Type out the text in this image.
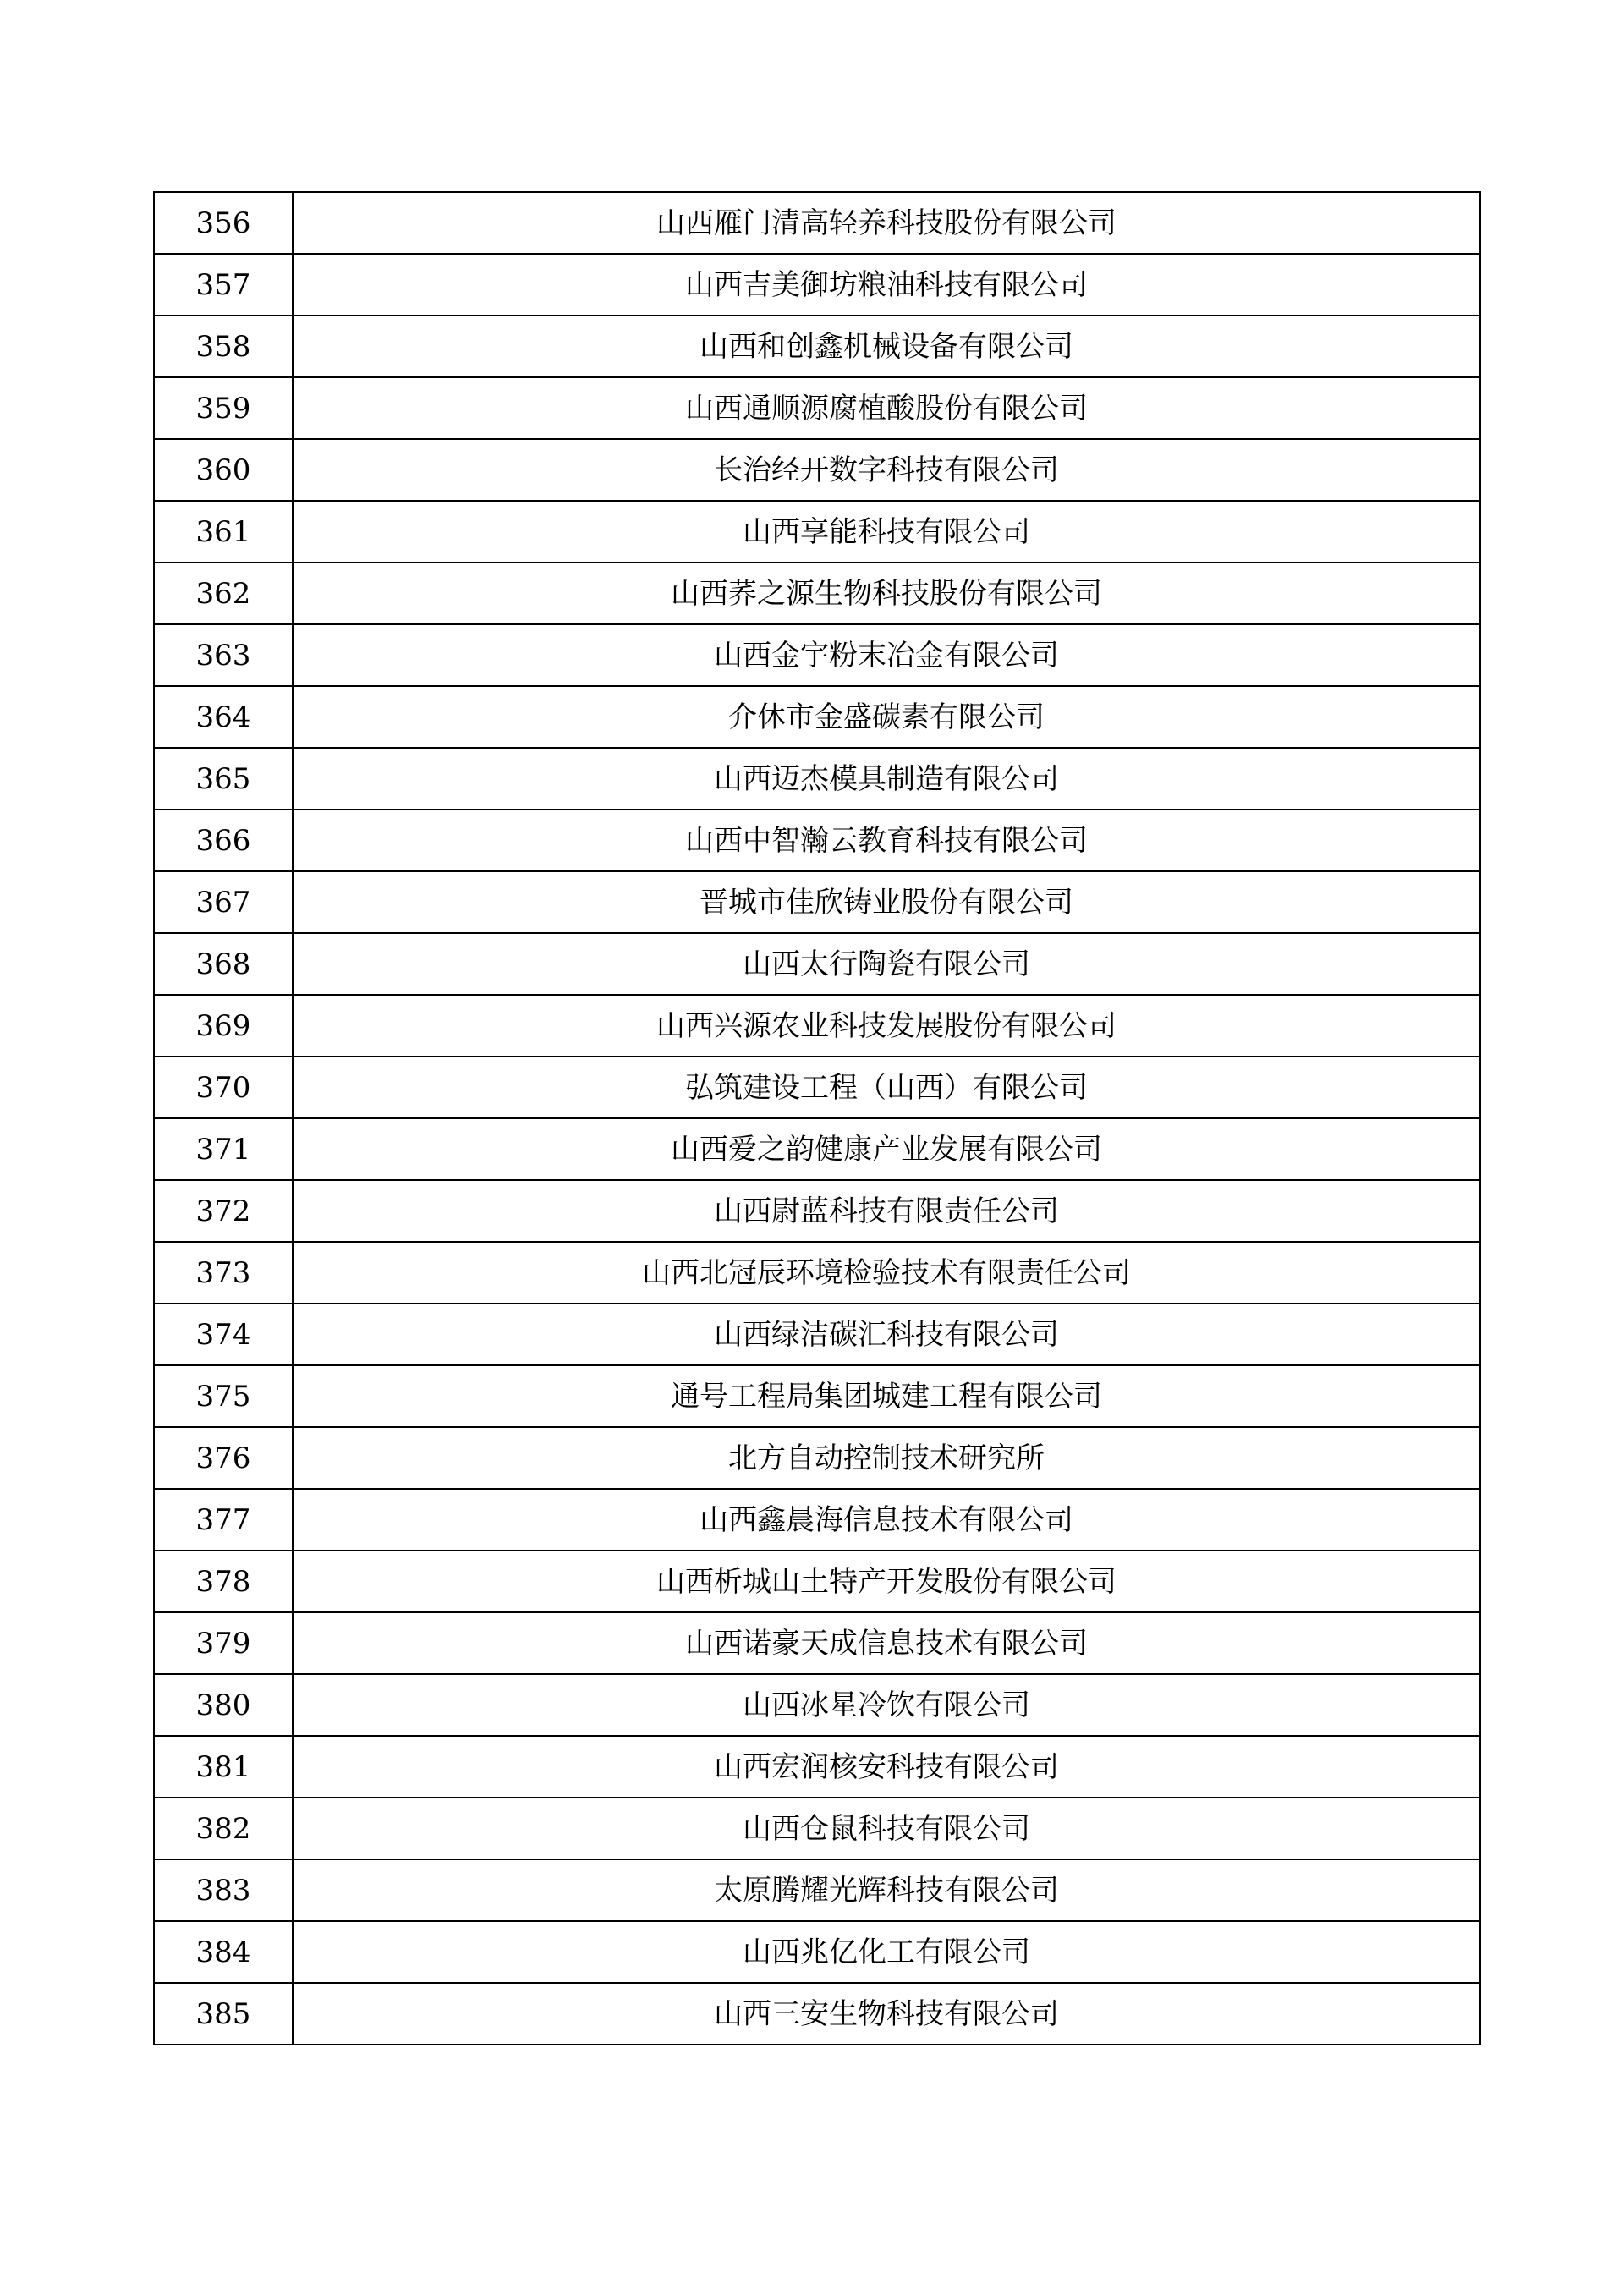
356	山西雁门清高轻养科技股份有限公司
357	山西吉美御坊粮油科技有限公司
358	山西和创鑫机械设备有限公司
359	山西通顺源腐植酸股份有限公司
360	长治经开数字科技有限公司
361	山西享能科技有限公司
362	山西荞之源生物科技股份有限公司
363	山西金宇粉末冶金有限公司
364	介休市金盛碳素有限公司
365	山西迈杰模具制造有限公司
366	山西中智瀚云教育科技有限公司
367	晋城市佳欣铸业股份有限公司
368	山西太行陶瓷有限公司
369	山西兴源农业科技发展股份有限公司
370	弘筑建设工程（山西）有限公司
371	山西爱之韵健康产业发展有限公司
372	山西尉蓝科技有限责任公司
373	山西北冠辰环境检验技术有限责任公司
374	山西绿洁碳汇科技有限公司
375	通号工程局集团城建工程有限公司
376	北方自动控制技术研究所
377	山西鑫晨海信息技术有限公司
378	山西析城山土特产开发股份有限公司
379	山西诺豪天成信息技术有限公司
380	山西冰星冷饮有限公司
381	山西宏润核安科技有限公司
382	山西仓鼠科技有限公司
383	太原腾耀光辉科技有限公司
384	山西兆亿化工有限公司
385	山西三安生物科技有限公司
